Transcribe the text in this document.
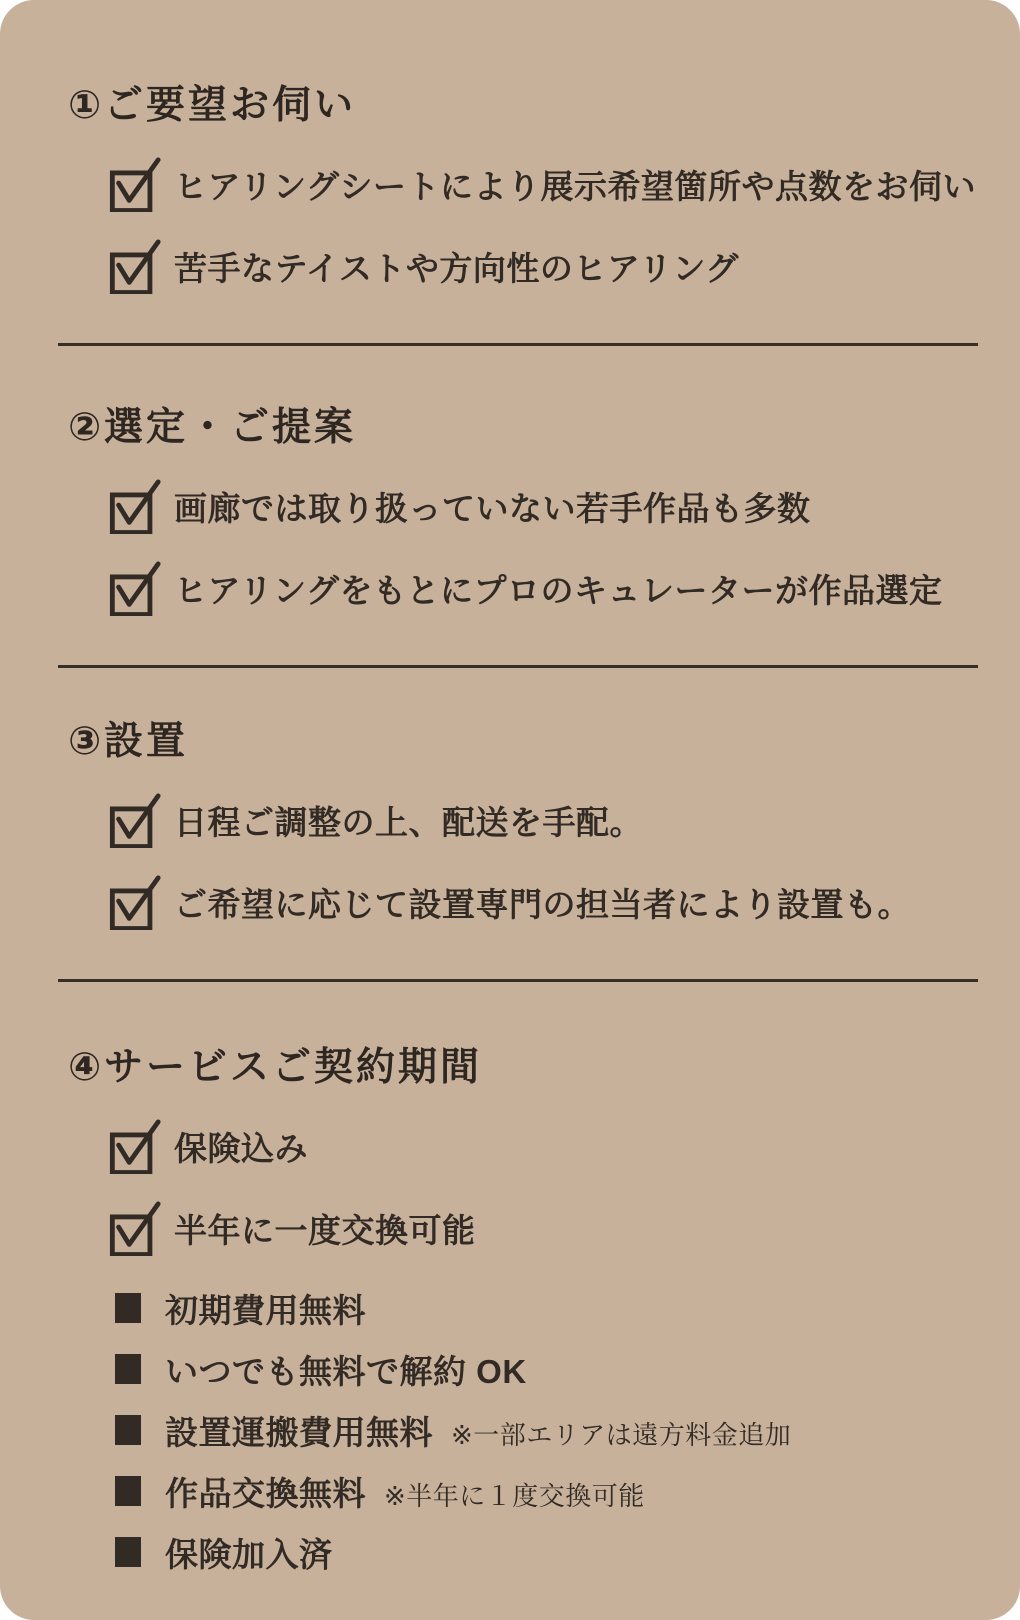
①ご要望お伺い
ヒアリングシートにより展示希望箇所や点数をお伺い
苦手なテイストや方向性のヒアリング
②選定・ご提案
画廊では取り扱っていない若手作品も多数
ヒアリングをもとにプロのキュレーターが作品選定
③設置
日程ご調整の上、配送を手配。
ご希望に応じて設置専門の担当者により設置も。
④サービスご契約期間
保険込み
半年に一度交換可能
初期費用無料
いつでも無料で解約 OK
設置運搬費用無料 ※一部エリアは遠方料金追加
作品交換無料 ※半年に１度交換可能
保険加入済
